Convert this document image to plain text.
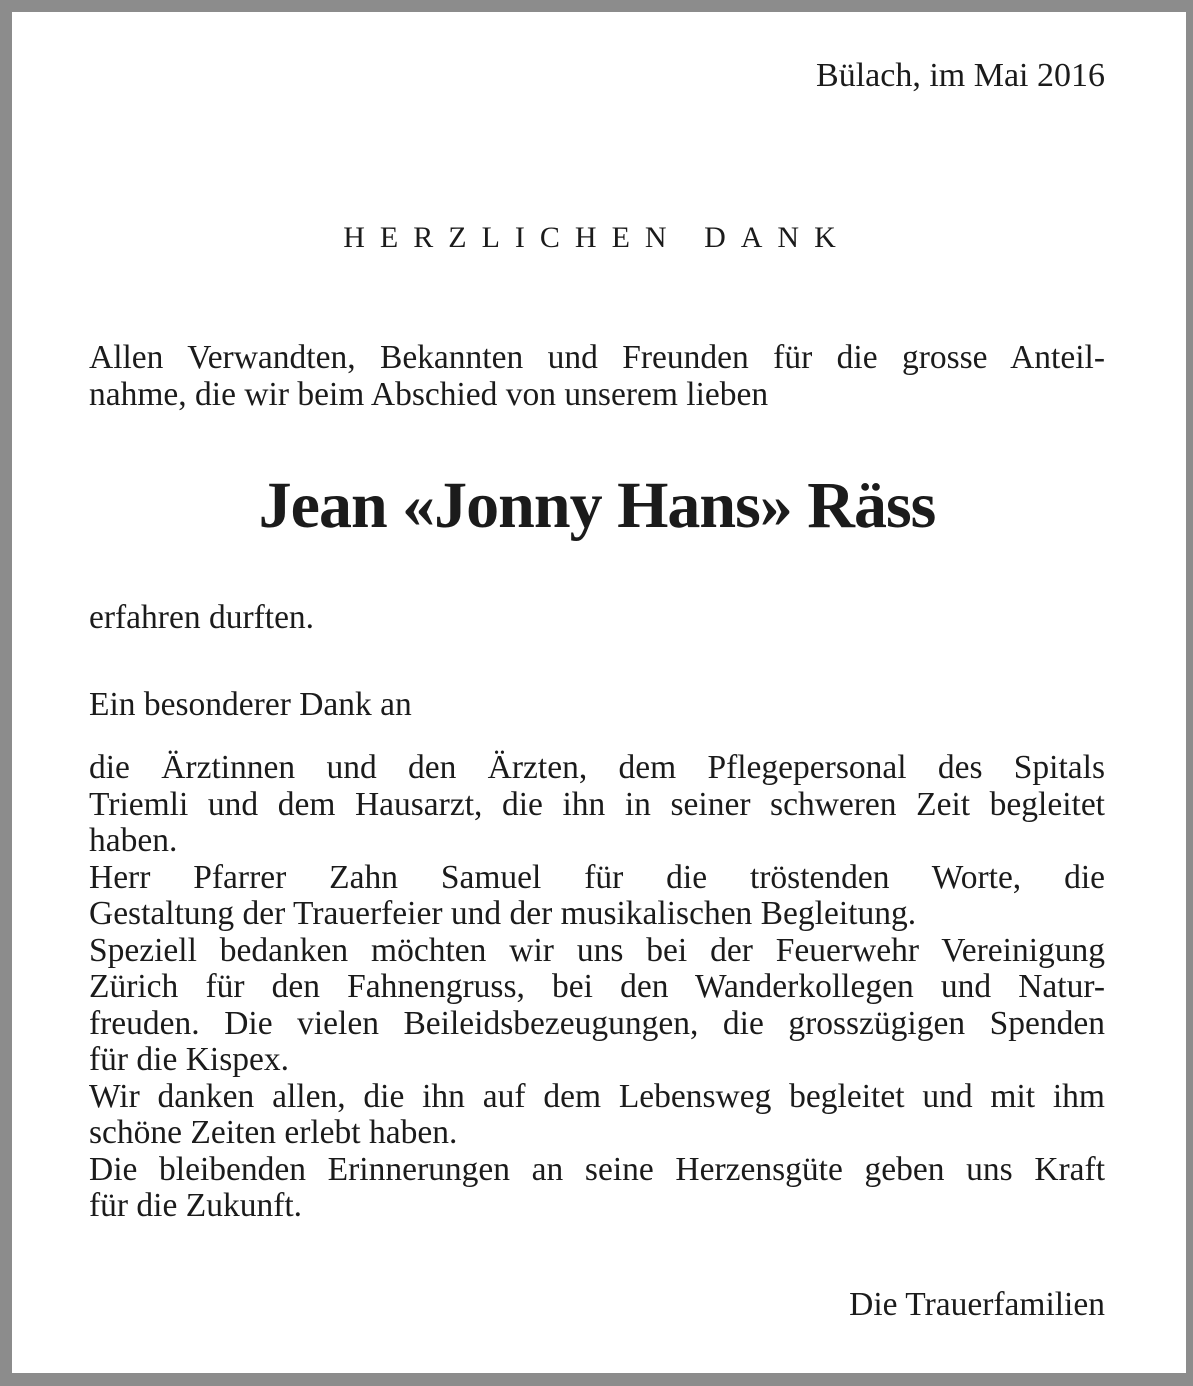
Bülach, im Mai 2016
HERZLICHEN DANK
Allen Verwandten, Bekannten und Freunden für die grosse Anteil-
nahme, die wir beim Abschied von unserem lieben
Jean «Jonny Hans» Räss
erfahren durften.
Ein besonderer Dank an
die Ärztinnen und den Ärzten, dem Pflegepersonal des Spitals
Triemli und dem Hausarzt, die ihn in seiner schweren Zeit begleitet
haben.
Herr Pfarrer Zahn Samuel für die tröstenden Worte, die
Gestaltung der Trauerfeier und der musikalischen Begleitung.
Speziell bedanken möchten wir uns bei der Feuerwehr Vereinigung
Zürich für den Fahnengruss, bei den Wanderkollegen und Natur-
freuden. Die vielen Beileidsbezeugungen, die grosszügigen Spenden
für die Kispex.
Wir danken allen, die ihn auf dem Lebensweg begleitet und mit ihm
schöne Zeiten erlebt haben.
Die bleibenden Erinnerungen an seine Herzensgüte geben uns Kraft
für die Zukunft.
Die Trauerfamilien
